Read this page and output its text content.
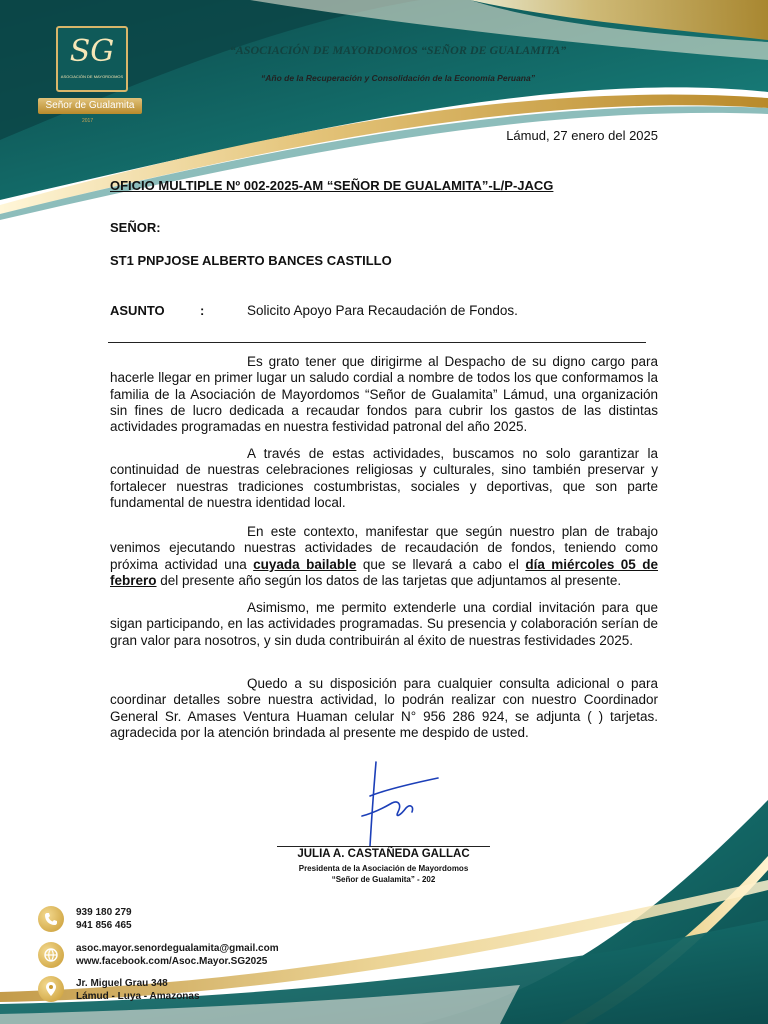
SG
ASOCIACIÓN DE MAYORDOMOS
Señor de Gualamita
2017
“ASOCIACIÓN DE MAYORDOMOS “SEÑOR DE GUALAMITA”
“Año de la Recuperación y Consolidación de la Economía Peruana”
Lámud, 27 enero del 2025
OFICIO MULTIPLE Nº 002-2025-AM “SEÑOR DE GUALAMITA”-L/P-JACG
SEÑOR:
ST1 PNPJOSE ALBERTO BANCES CASTILLO
ASUNTO	:	Solicito Apoyo Para Recaudación de Fondos.
Es grato tener que dirigirme al Despacho de su digno cargo para hacerle llegar en primer lugar un saludo cordial a nombre de todos los que conformamos la familia de la Asociación de Mayordomos “Señor de Gualamita” Lámud, una organización sin fines de lucro dedicada a recaudar fondos para cubrir los gastos de las distintas actividades programadas en nuestra festividad patronal del año 2025.
A través de estas actividades, buscamos no solo garantizar la continuidad de nuestras celebraciones religiosas y culturales, sino también preservar y fortalecer nuestras tradiciones costumbristas, sociales y deportivas, que son parte fundamental de nuestra identidad local.
En este contexto, manifestar que según nuestro plan de trabajo venimos ejecutando nuestras actividades de recaudación de fondos, teniendo como próxima actividad una cuyada bailable que se llevará a cabo el día miércoles 05 de febrero del presente año según los datos de las tarjetas que adjuntamos al presente.
Asimismo, me permito extenderle una cordial invitación para que sigan participando, en las actividades programadas. Su presencia y colaboración serían de gran valor para nosotros, y sin duda contribuirán al éxito de nuestras festividades 2025.
Quedo a su disposición para cualquier consulta adicional o para coordinar detalles sobre nuestra actividad, lo podrán realizar con nuestro Coordinador General Sr. Amases Ventura Huaman celular N° 956 286 924, se adjunta ( ) tarjetas. agradecida por la atención brindada al presente me despido de usted.
JULIA A. CASTAÑEDA GALLAC
Presidenta de la Asociación de Mayordomos
“Señor de Gualamita” - 202
939 180 279
941 856 465
asoc.mayor.senordegualamita@gmail.com
www.facebook.com/Asoc.Mayor.SG2025
Jr. Miguel Grau 348
Lámud - Luya - Amazonas
